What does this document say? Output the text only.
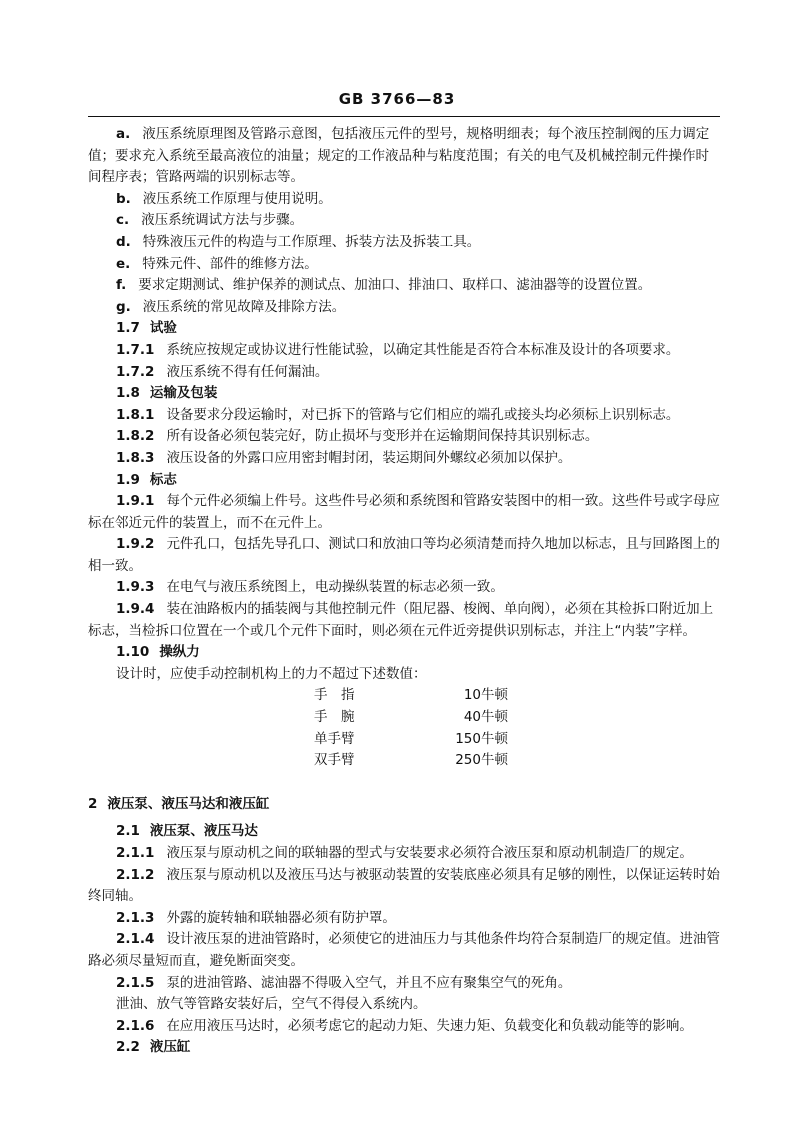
GB 3766—83

a. 液压系统原理图及管路示意图，包括液压元件的型号，规格明细表；每个液压控制阀的压力调定值；要求充入系统至最高液位的油量；规定的工作液品种与粘度范围；有关的电气及机械控制元件操作时间程序表；管路两端的识别标志等。

b. 液压系统工作原理与使用说明。

c. 液压系统调试方法与步骤。

d. 特殊液压元件的构造与工作原理、拆装方法及拆装工具。

e. 特殊元件、部件的维修方法。

f. 要求定期测试、维护保养的测试点、加油口、排油口、取样口、滤油器等的设置位置。

g. 液压系统的常见故障及排除方法。

1.7 试验

1.7.1 系统应按规定或协议进行性能试验，以确定其性能是否符合本标准及设计的各项要求。

1.7.2 液压系统不得有任何漏油。

1.8 运输及包装

1.8.1 设备要求分段运输时，对已拆下的管路与它们相应的端孔或接头均必须标上识别标志。

1.8.2 所有设备必须包装完好，防止损坏与变形并在运输期间保持其识别标志。

1.8.3 液压设备的外露口应用密封帽封闭，装运期间外螺纹必须加以保护。

1.9 标志

1.9.1 每个元件必须编上件号。这些件号必须和系统图和管路安装图中的相一致。这些件号或字母应标在邻近元件的装置上，而不在元件上。

1.9.2 元件孔口，包括先导孔口、测试口和放油口等均必须清楚而持久地加以标志，且与回路图上的相一致。

1.9.3 在电气与液压系统图上，电动操纵装置的标志必须一致。

1.9.4 装在油路板内的插装阀与其他控制元件（阻尼器、梭阀、单向阀），必须在其检拆口附近加上标志，当检拆口位置在一个或几个元件下面时，则必须在元件近旁提供识别标志，并注上“内装”字样。

1.10 操纵力

设计时，应使手动控制机构上的力不超过下述数值：

手　指	10牛顿
手　腕	40牛顿
单手臂	150牛顿
双手臂	250牛顿

2 液压泵、液压马达和液压缸

2.1 液压泵、液压马达

2.1.1 液压泵与原动机之间的联轴器的型式与安装要求必须符合液压泵和原动机制造厂的规定。

2.1.2 液压泵与原动机以及液压马达与被驱动装置的安装底座必须具有足够的刚性，以保证运转时始终同轴。

2.1.3 外露的旋转轴和联轴器必须有防护罩。

2.1.4 设计液压泵的进油管路时，必须使它的进油压力与其他条件均符合泵制造厂的规定值。进油管路必须尽量短而直，避免断面突变。

2.1.5 泵的进油管路、滤油器不得吸入空气，并且不应有聚集空气的死角。

泄油、放气等管路安装好后，空气不得侵入系统内。

2.1.6 在应用液压马达时，必须考虑它的起动力矩、失速力矩、负载变化和负载动能等的影响。

2.2 液压缸
